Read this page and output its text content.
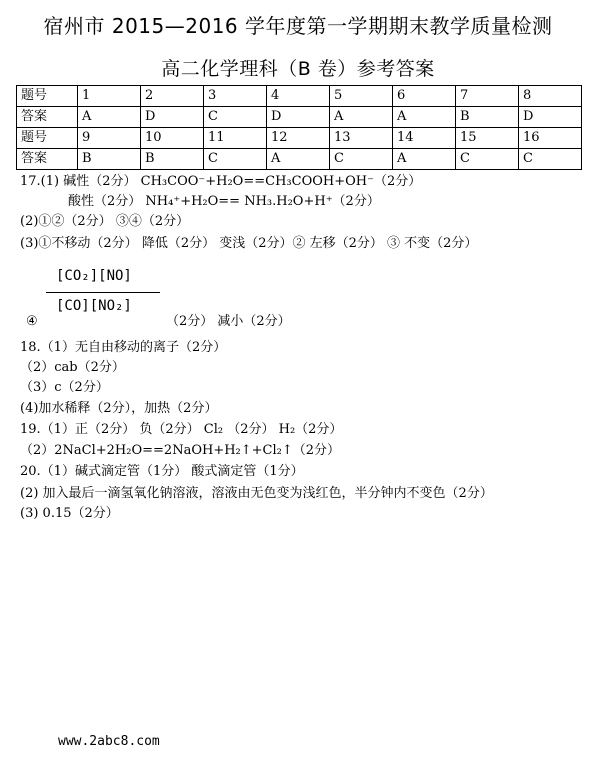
宿州市 2015—2016 学年度第一学期期末教学质量检测
高二化学理科（B 卷）参考答案
题号	1	2	3	4	5	6	7	8
答案	A	D	C	D	A	A	B	D
题号	9	10	11	12	13	14	15	16
答案	B	B	C	A	C	A	C	C
17.(1) 碱性（2分） CH₃COO⁻+H₂O==CH₃COOH+OH⁻（2分）
酸性（2分） NH₄⁺+H₂O== NH₃.H₂O+H⁺（2分）
(2)①②（2分） ③④（2分）
(3)①不移动（2分） 降低（2分） 变浅（2分）② 左移（2分） ③ 不变（2分）
[CO₂][NO]
[CO][NO₂]
④	（2分） 减小（2分）
18.（1）无自由移动的离子（2分）
（2）cab（2分）
（3）c（2分）
(4)加水稀释（2分），加热（2分）
19.（1）正（2分） 负（2分） Cl₂ （2分） H₂（2分）
（2）2NaCl+2H₂O==2NaOH+H₂↑+Cl₂↑（2分）
20.（1）碱式滴定管（1分） 酸式滴定管（1分）
(2) 加入最后一滴氢氧化钠溶液，溶液由无色变为浅红色，半分钟内不变色（2分）
(3) 0.15（2分）
www.2abc8.com
